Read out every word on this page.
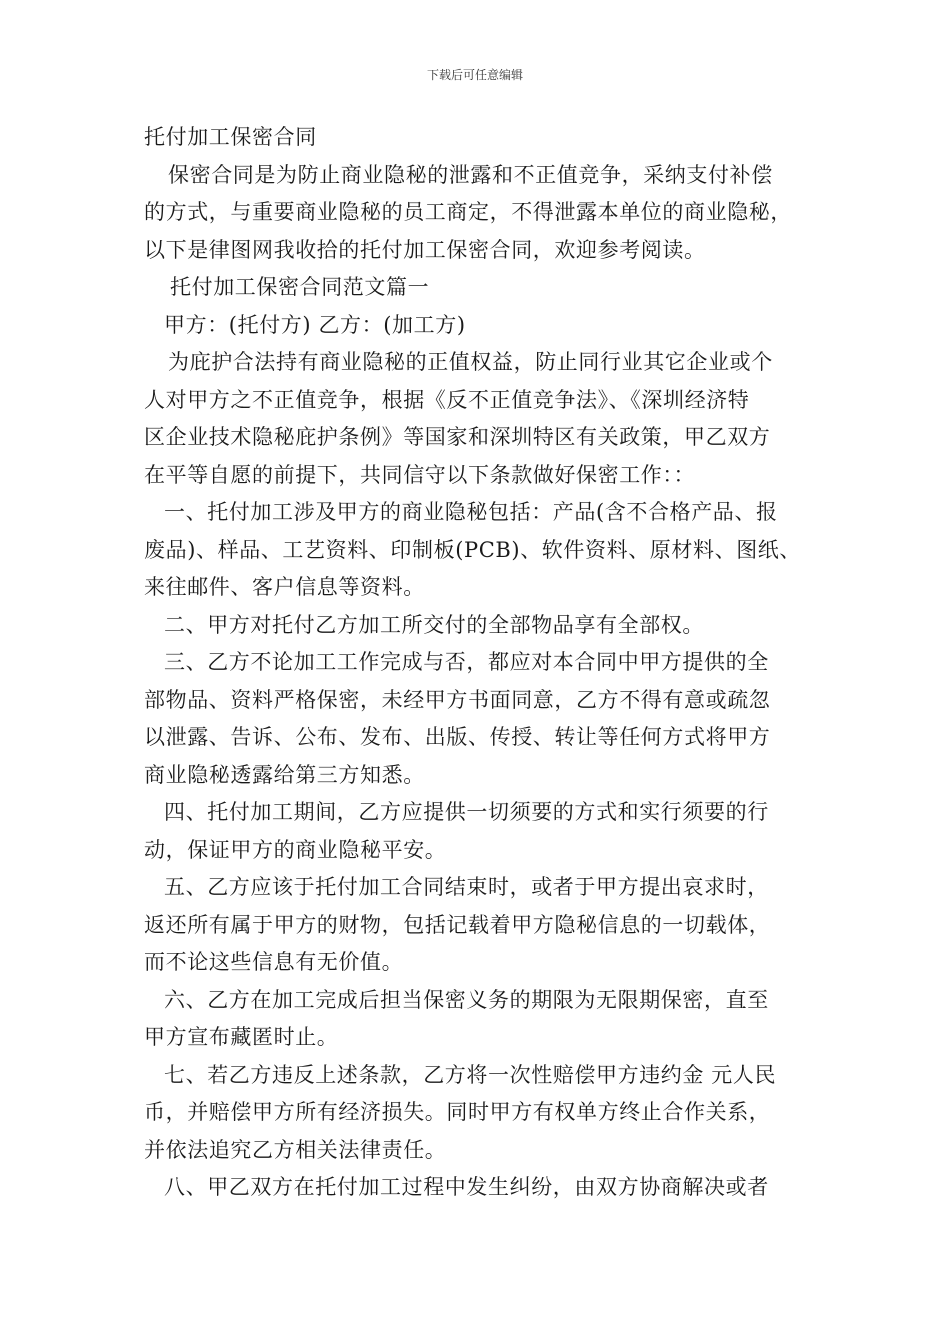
下载后可任意编辑
托付加工保密合同
保密合同是为防止商业隐秘的泄露和不正值竞争，采纳支付补偿
的方式，与重要商业隐秘的员工商定，不得泄露本单位的商业隐秘，
以下是律图网我收拾的托付加工保密合同，欢迎参考阅读。
托付加工保密合同范文篇一
甲方：(托付方) 乙方：(加工方)
为庇护合法持有商业隐秘的正值权益，防止同行业其它企业或个
人对甲方之不正值竞争，根据《反不正值竞争法》、《深圳经济特
区企业技术隐秘庇护条例》等国家和深圳特区有关政策，甲乙双方
在平等自愿的前提下，共同信守以下条款做好保密工作：：
一、托付加工涉及甲方的商业隐秘包括：产品(含不合格产品、报
废品)、样品、工艺资料、印制板(PCB)、软件资料、原材料、图纸、
来往邮件、客户信息等资料。
二、甲方对托付乙方加工所交付的全部物品享有全部权。
三、乙方不论加工工作完成与否，都应对本合同中甲方提供的全
部物品、资料严格保密，未经甲方书面同意，乙方不得有意或疏忽
以泄露、告诉、公布、发布、出版、传授、转让等任何方式将甲方
商业隐秘透露给第三方知悉。
四、托付加工期间，乙方应提供一切须要的方式和实行须要的行
动，保证甲方的商业隐秘平安。
五、乙方应该于托付加工合同结束时，或者于甲方提出哀求时，
返还所有属于甲方的财物，包括记载着甲方隐秘信息的一切载体，
而不论这些信息有无价值。
六、乙方在加工完成后担当保密义务的期限为无限期保密，直至
甲方宣布藏匿时止。
七、若乙方违反上述条款，乙方将一次性赔偿甲方违约金 元人民
币，并赔偿甲方所有经济损失。同时甲方有权单方终止合作关系，
并依法追究乙方相关法律责任。
八、甲乙双方在托付加工过程中发生纠纷，由双方协商解决或者
